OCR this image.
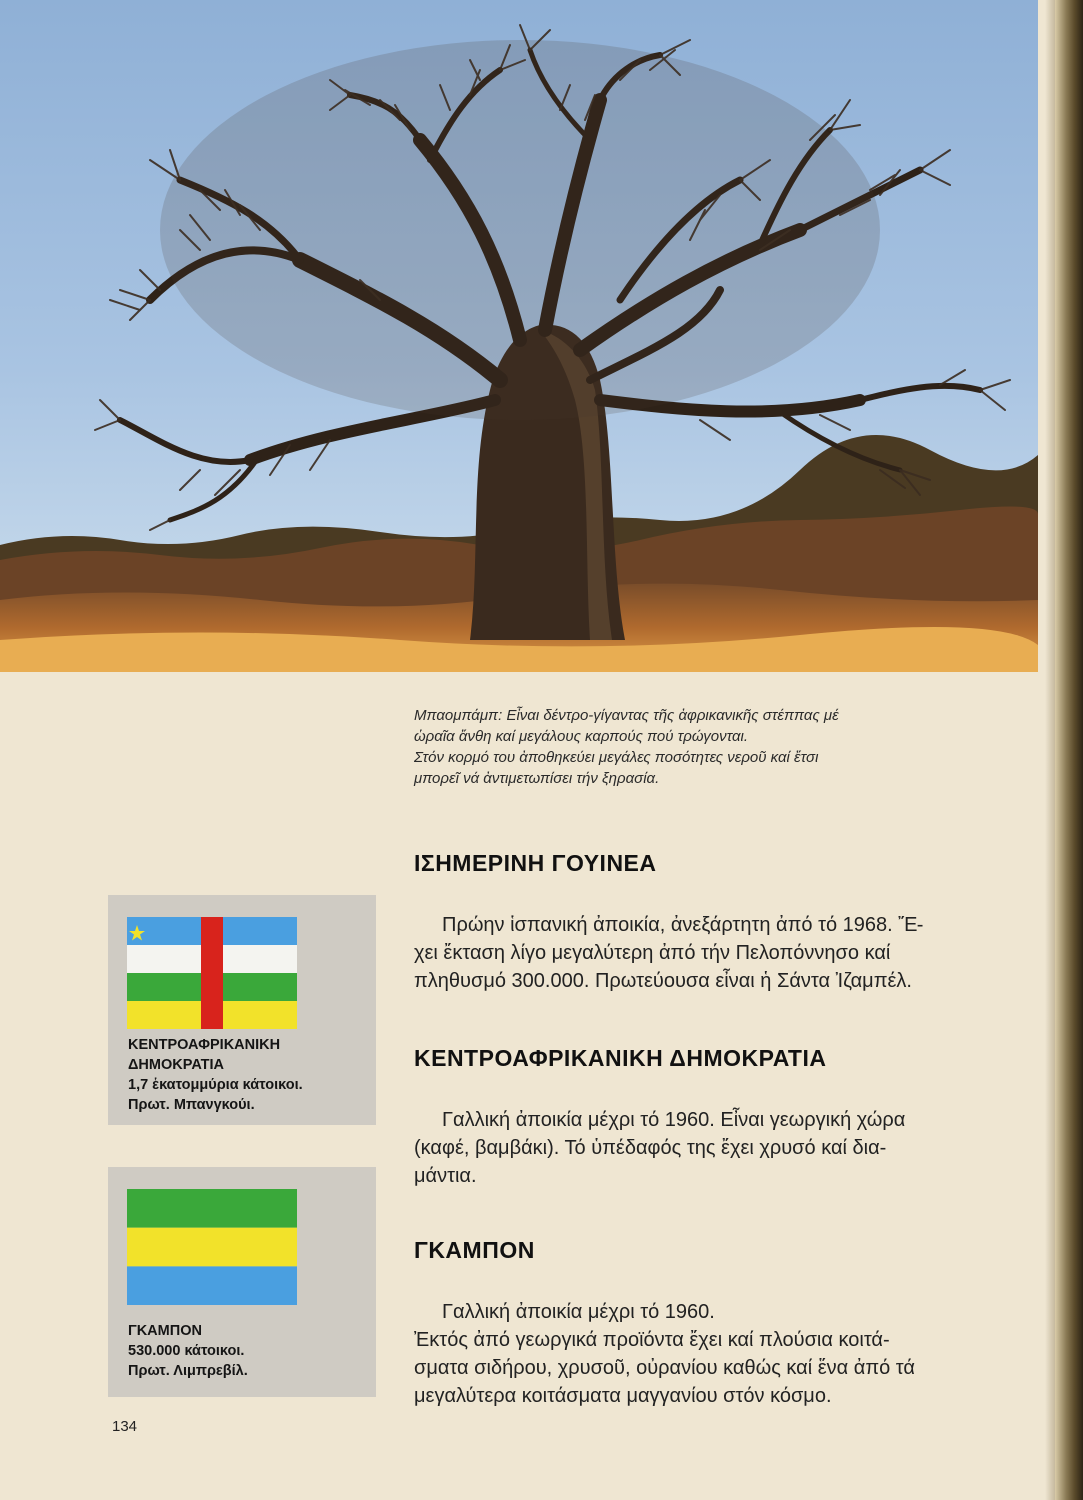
Μπαομπάμπ: Εἶναι δέντρο-γίγαντας τῆς ἀφρικανικῆς στέππας μέ

ὡραῖα ἄνθη καί μεγάλους καρπούς πού τρώγονται.

Στόν κορμό του ἀποθηκεύει μεγάλες ποσότητες νεροῦ καί ἔτσι

μπορεῖ νά ἀντιμετωπίσει τήν ξηρασία.

ΙΣΗΜΕΡΙΝΗ ΓΟΥΙΝΕΑ

Πρώην ἱσπανική ἀποικία, ἀνεξάρτητη ἀπό τό 1968. Ἔ-

χει ἔκταση λίγο μεγαλύτερη ἀπό τήν Πελοπόννησο καί

πληθυσμό 300.000. Πρωτεύουσα εἶναι ἡ Σάντα Ἰζαμπέλ.

ΚΕΝΤΡΟΑΦΡΙΚΑΝΙΚΗ ΔΗΜΟΚΡΑΤΙΑ

Γαλλική ἀποικία μέχρι τό 1960. Εἶναι γεωργική χώρα

(καφέ, βαμβάκι). Τό ὑπέδαφός της ἔχει χρυσό καί δια-

μάντια.

ΓΚΑΜΠΟΝ

Γαλλική ἀποικία μέχρι τό 1960.

Ἐκτός ἀπό γεωργικά προϊόντα ἔχει καί πλούσια κοιτά-

σματα σιδήρου, χρυσοῦ, οὐρανίου καθώς καί ἕνα ἀπό τά

μεγαλύτερα κοιτάσματα μαγγανίου στόν κόσμο.

ΚΕΝΤΡΟΑΦΡΙΚΑΝΙΚΗ
ΔΗΜΟΚΡΑΤΙΑ
1,7 ἑκατομμύρια κάτοικοι.
Πρωτ. Μπανγκούι.
ΓΚΑΜΠΟΝ
530.000 κάτοικοι.
Πρωτ. Λιμπρεβίλ.
134
